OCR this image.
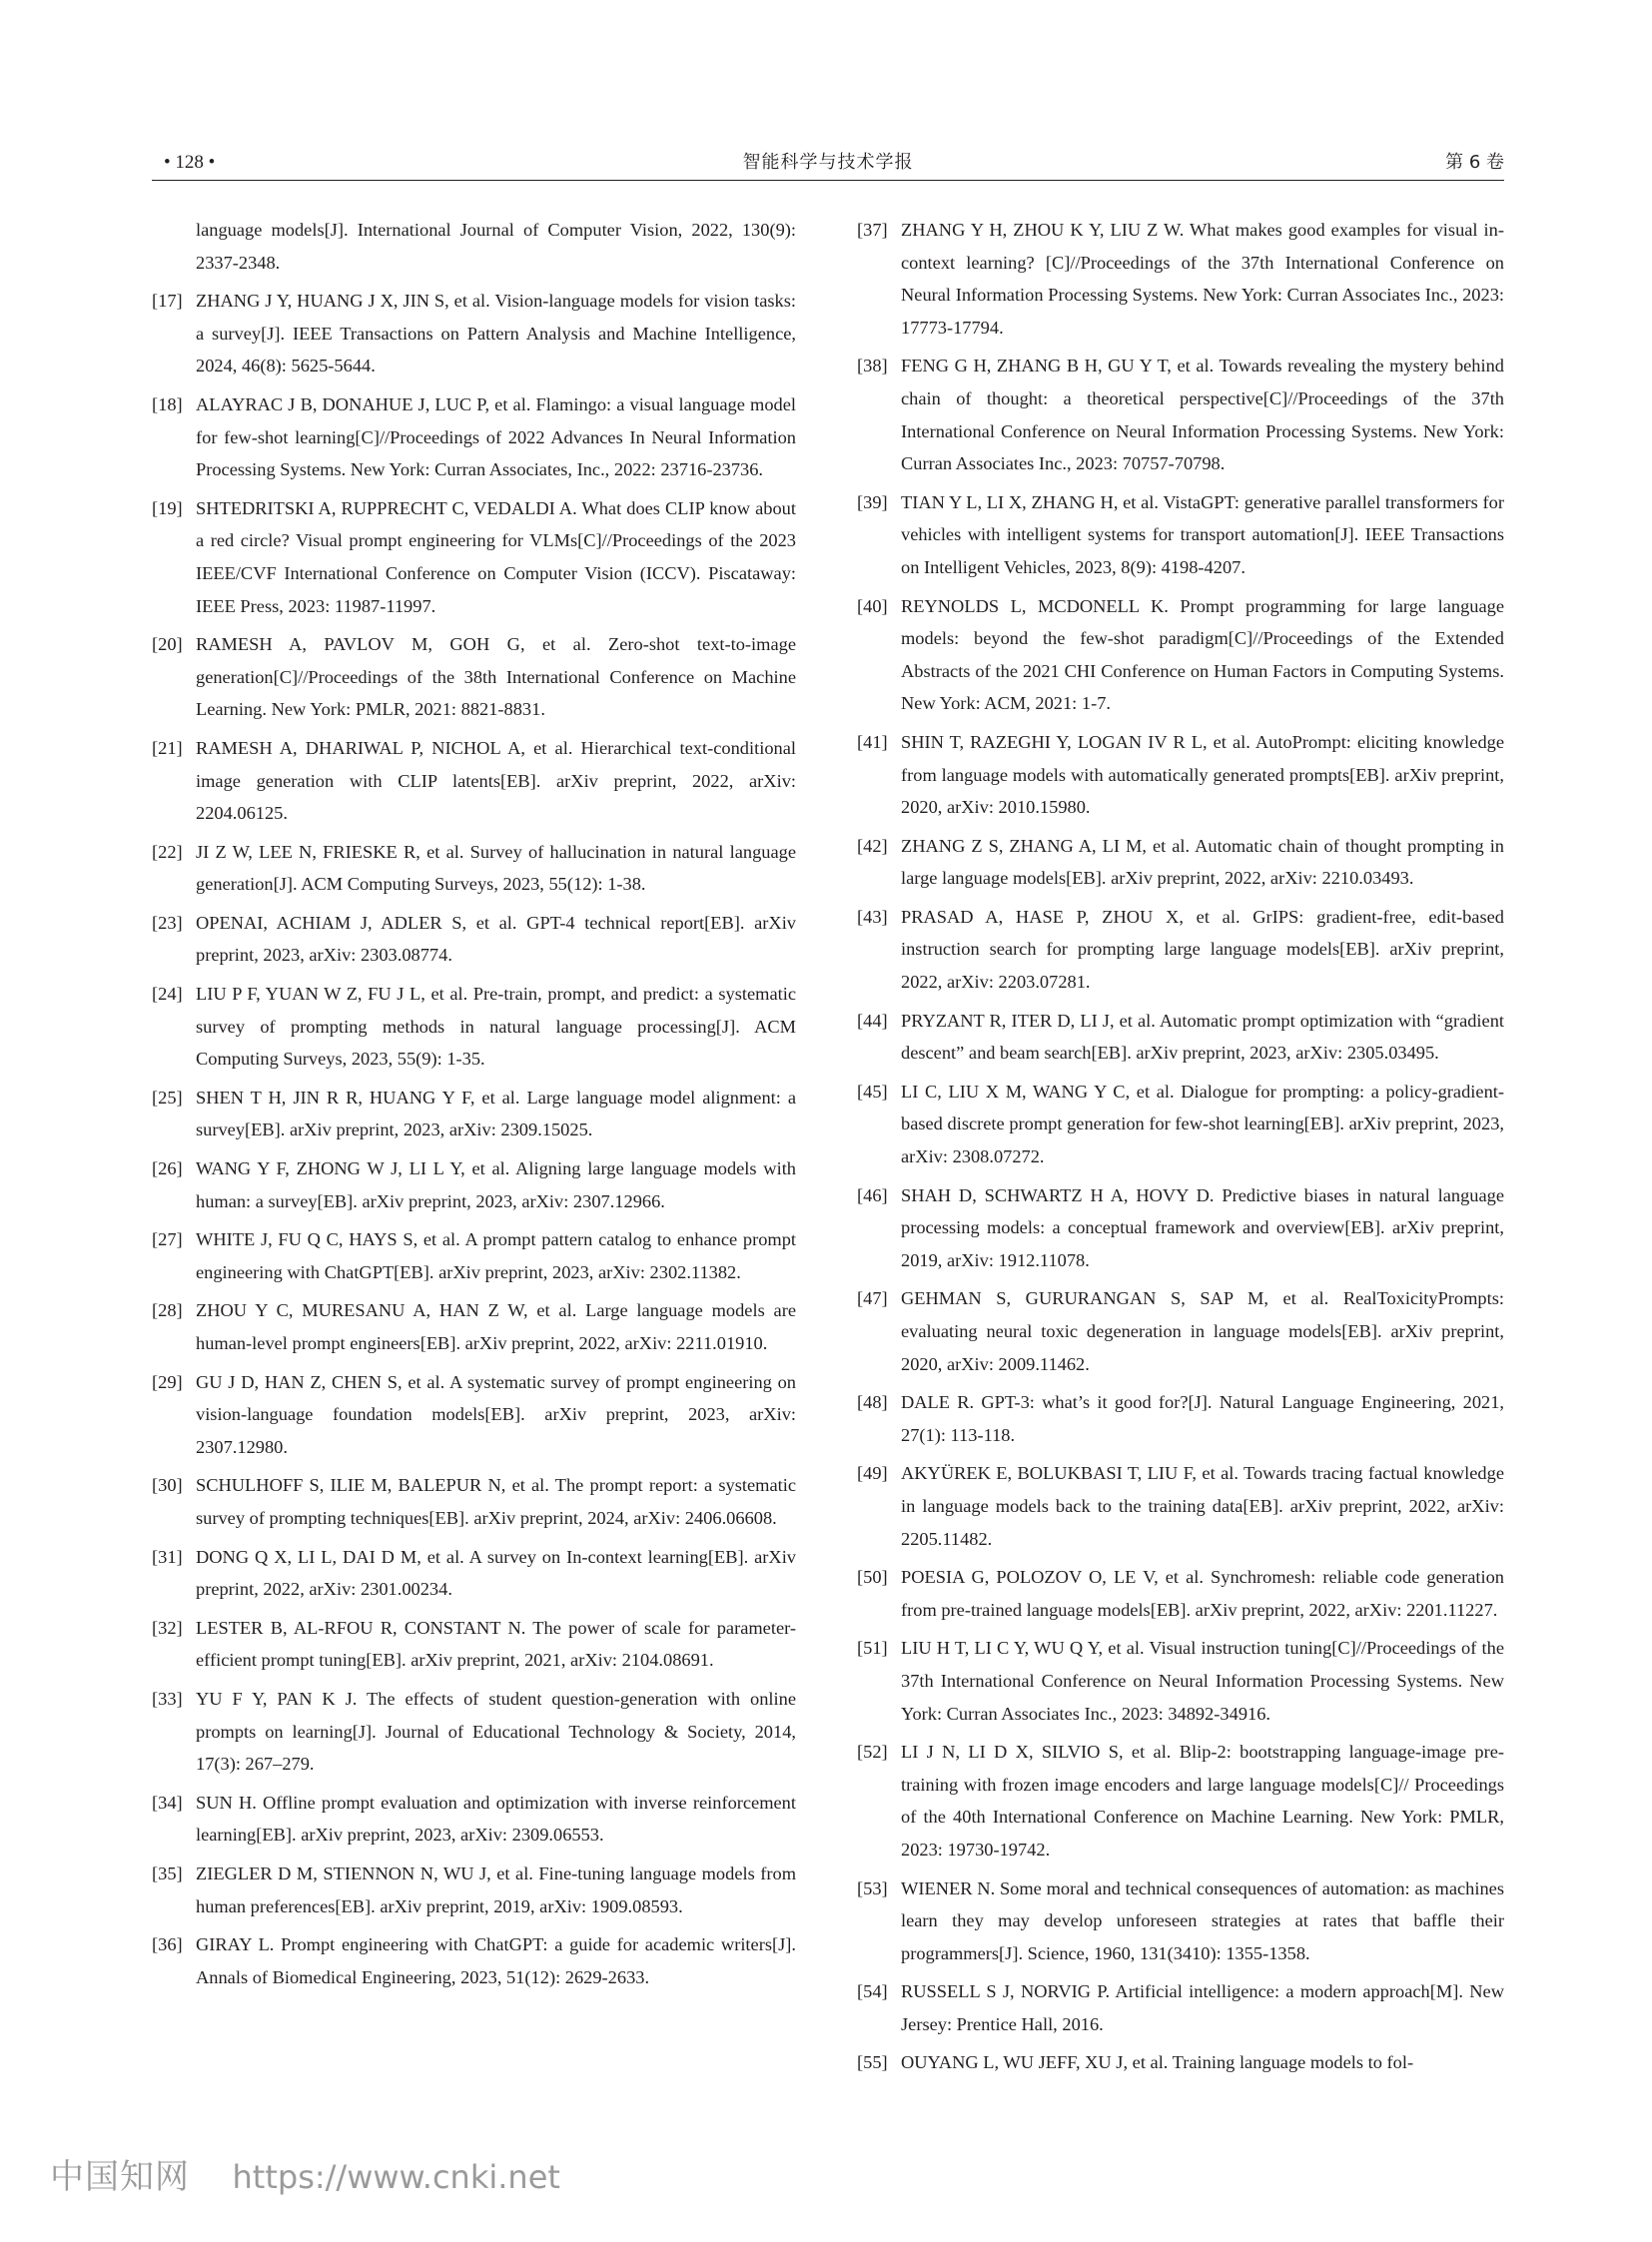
• 128 •	智能科学与技术学报	第 6 卷
language models[J]. International Journal of Computer Vision, 2022, 130(9): 2337-2348.
[17] ZHANG J Y, HUANG J X, JIN S, et al. Vision-language models for vision tasks: a survey[J]. IEEE Transactions on Pattern Analysis and Machine Intelligence, 2024, 46(8): 5625-5644.
[18] ALAYRAC J B, DONAHUE J, LUC P, et al. Flamingo: a visual language model for few-shot learning[C]//Proceedings of 2022 Advances In Neural Information Processing Systems. New York: Curran Associates, Inc., 2022: 23716-23736.
[19] SHTEDRITSKI A, RUPPRECHT C, VEDALDI A. What does CLIP know about a red circle? Visual prompt engineering for VLMs[C]//Proceedings of the 2023 IEEE/CVF International Conference on Computer Vision (ICCV). Piscataway: IEEE Press, 2023: 11987-11997.
[20] RAMESH A, PAVLOV M, GOH G, et al. Zero-shot text-to-image generation[C]//Proceedings of the 38th International Conference on Machine Learning. New York: PMLR, 2021: 8821-8831.
[21] RAMESH A, DHARIWAL P, NICHOL A, et al. Hierarchical text-conditional image generation with CLIP latents[EB]. arXiv preprint, 2022, arXiv: 2204.06125.
[22] JI Z W, LEE N, FRIESKE R, et al. Survey of hallucination in natural language generation[J]. ACM Computing Surveys, 2023, 55(12): 1-38.
[23] OPENAI, ACHIAM J, ADLER S, et al. GPT-4 technical report[EB]. arXiv preprint, 2023, arXiv: 2303.08774.
[24] LIU P F, YUAN W Z, FU J L, et al. Pre-train, prompt, and predict: a systematic survey of prompting methods in natural language processing[J]. ACM Computing Surveys, 2023, 55(9): 1-35.
[25] SHEN T H, JIN R R, HUANG Y F, et al. Large language model alignment: a survey[EB]. arXiv preprint, 2023, arXiv: 2309.15025.
[26] WANG Y F, ZHONG W J, LI L Y, et al. Aligning large language models with human: a survey[EB]. arXiv preprint, 2023, arXiv: 2307.12966.
[27] WHITE J, FU Q C, HAYS S, et al. A prompt pattern catalog to enhance prompt engineering with ChatGPT[EB]. arXiv preprint, 2023, arXiv: 2302.11382.
[28] ZHOU Y C, MURESANU A, HAN Z W, et al. Large language models are human-level prompt engineers[EB]. arXiv preprint, 2022, arXiv: 2211.01910.
[29] GU J D, HAN Z, CHEN S, et al. A systematic survey of prompt engineering on vision-language foundation models[EB]. arXiv preprint, 2023, arXiv: 2307.12980.
[30] SCHULHOFF S, ILIE M, BALEPUR N, et al. The prompt report: a systematic survey of prompting techniques[EB]. arXiv preprint, 2024, arXiv: 2406.06608.
[31] DONG Q X, LI L, DAI D M, et al. A survey on In-context learning[EB]. arXiv preprint, 2022, arXiv: 2301.00234.
[32] LESTER B, AL-RFOU R, CONSTANT N. The power of scale for parameter-efficient prompt tuning[EB]. arXiv preprint, 2021, arXiv: 2104.08691.
[33] YU F Y, PAN K J. The effects of student question-generation with online prompts on learning[J]. Journal of Educational Technology & Society, 2014, 17(3): 267–279.
[34] SUN H. Offline prompt evaluation and optimization with inverse reinforcement learning[EB]. arXiv preprint, 2023, arXiv: 2309.06553.
[35] ZIEGLER D M, STIENNON N, WU J, et al. Fine-tuning language models from human preferences[EB]. arXiv preprint, 2019, arXiv: 1909.08593.
[36] GIRAY L. Prompt engineering with ChatGPT: a guide for academic writers[J]. Annals of Biomedical Engineering, 2023, 51(12): 2629-2633.
[37] ZHANG Y H, ZHOU K Y, LIU Z W. What makes good examples for visual in-context learning? [C]//Proceedings of the 37th International Conference on Neural Information Processing Systems. New York: Curran Associates Inc., 2023: 17773-17794.
[38] FENG G H, ZHANG B H, GU Y T, et al. Towards revealing the mystery behind chain of thought: a theoretical perspective[C]//Proceedings of the 37th International Conference on Neural Information Processing Systems. New York: Curran Associates Inc., 2023: 70757-70798.
[39] TIAN Y L, LI X, ZHANG H, et al. VistaGPT: generative parallel transformers for vehicles with intelligent systems for transport automation[J]. IEEE Transactions on Intelligent Vehicles, 2023, 8(9): 4198-4207.
[40] REYNOLDS L, MCDONELL K. Prompt programming for large language models: beyond the few-shot paradigm[C]//Proceedings of the Extended Abstracts of the 2021 CHI Conference on Human Factors in Computing Systems. New York: ACM, 2021: 1-7.
[41] SHIN T, RAZEGHI Y, LOGAN IV R L, et al. AutoPrompt: eliciting knowledge from language models with automatically generated prompts[EB]. arXiv preprint, 2020, arXiv: 2010.15980.
[42] ZHANG Z S, ZHANG A, LI M, et al. Automatic chain of thought prompting in large language models[EB]. arXiv preprint, 2022, arXiv: 2210.03493.
[43] PRASAD A, HASE P, ZHOU X, et al. GrIPS: gradient-free, edit-based instruction search for prompting large language models[EB]. arXiv preprint, 2022, arXiv: 2203.07281.
[44] PRYZANT R, ITER D, LI J, et al. Automatic prompt optimization with “gradient descent” and beam search[EB]. arXiv preprint, 2023, arXiv: 2305.03495.
[45] LI C, LIU X M, WANG Y C, et al. Dialogue for prompting: a policy-gradient-based discrete prompt generation for few-shot learning[EB]. arXiv preprint, 2023, arXiv: 2308.07272.
[46] SHAH D, SCHWARTZ H A, HOVY D. Predictive biases in natural language processing models: a conceptual framework and overview[EB]. arXiv preprint, 2019, arXiv: 1912.11078.
[47] GEHMAN S, GURURANGAN S, SAP M, et al. RealToxicityPrompts: evaluating neural toxic degeneration in language models[EB]. arXiv preprint, 2020, arXiv: 2009.11462.
[48] DALE R. GPT-3: what’s it good for?[J]. Natural Language Engineering, 2021, 27(1): 113-118.
[49] AKYÜREK E, BOLUKBASI T, LIU F, et al. Towards tracing factual knowledge in language models back to the training data[EB]. arXiv preprint, 2022, arXiv: 2205.11482.
[50] POESIA G, POLOZOV O, LE V, et al. Synchromesh: reliable code generation from pre-trained language models[EB]. arXiv preprint, 2022, arXiv: 2201.11227.
[51] LIU H T, LI C Y, WU Q Y, et al. Visual instruction tuning[C]//Proceedings of the 37th International Conference on Neural Information Processing Systems. New York: Curran Associates Inc., 2023: 34892-34916.
[52] LI J N, LI D X, SILVIO S, et al. Blip-2: bootstrapping language-image pre-training with frozen image encoders and large language models[C]// Proceedings of the 40th International Conference on Machine Learning. New York: PMLR, 2023: 19730-19742.
[53] WIENER N. Some moral and technical consequences of automation: as machines learn they may develop unforeseen strategies at rates that baffle their programmers[J]. Science, 1960, 131(3410): 1355-1358.
[54] RUSSELL S J, NORVIG P. Artificial intelligence: a modern approach[M]. New Jersey: Prentice Hall, 2016.
[55] OUYANG L, WU JEFF, XU J, et al. Training language models to fol-
中国知网 https://www.cnki.net
